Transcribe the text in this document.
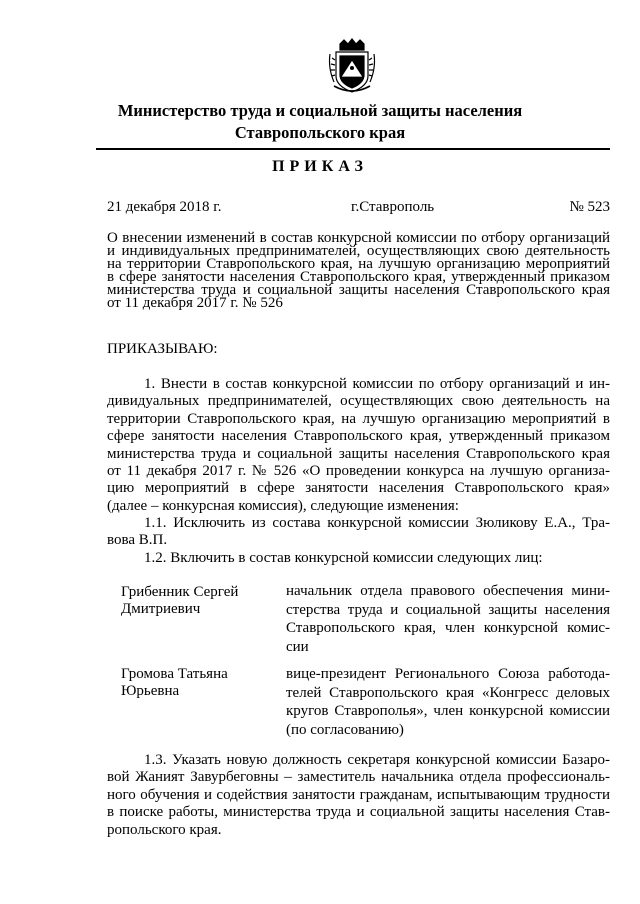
Министерство труда и социальной защиты населения
Ставропольского края
ПРИКАЗ
21 декабря 2018 г.	г.Ставрополь	№ 523
О внесении изменений в состав конкурсной комиссии по отбору организаций
и индивидуальных предпринимателей, осуществляющих свою деятельность
на территории Ставропольского края, на лучшую организацию мероприятий
в сфере занятости населения Ставропольского края, утвержденный приказом
министерства труда и социальной защиты населения Ставропольского края
от 11 декабря 2017 г. № 526
ПРИКАЗЫВАЮ:
1. Внести в состав конкурсной комиссии по отбору организаций и ин-
дивидуальных предпринимателей, осуществляющих свою деятельность на
территории Ставропольского края, на лучшую организацию мероприятий в
сфере занятости населения Ставропольского края, утвержденный приказом
министерства труда и социальной защиты населения Ставропольского края
от 11 декабря 2017 г. № 526 «О проведении конкурса на лучшую организа-
цию мероприятий в сфере занятости населения Ставропольского края»
(далее – конкурсная комиссия), следующие изменения:
1.1. Исключить из состава конкурсной комиссии Зюликову Е.А., Тра-
вова В.П.
1.2. Включить в состав конкурсной комиссии следующих лиц:
Грибенник Сергей
Дмитриевич
начальник отдела правового обеспечения мини-
стерства труда и социальной защиты населения
Ставропольского края, член конкурсной комис-
сии
Громова Татьяна
Юрьевна
вице-президент Регионального Союза работода-
телей Ставропольского края «Конгресс деловых
кругов Ставрополья», член конкурсной комиссии
(по согласованию)
1.3. Указать новую должность секретаря конкурсной комиссии Базаро-
вой Жаният Завурбеговны – заместитель начальника отдела профессиональ-
ного обучения и содействия занятости гражданам, испытывающим трудности
в поиске работы, министерства труда и социальной защиты населения Став-
ропольского края.
